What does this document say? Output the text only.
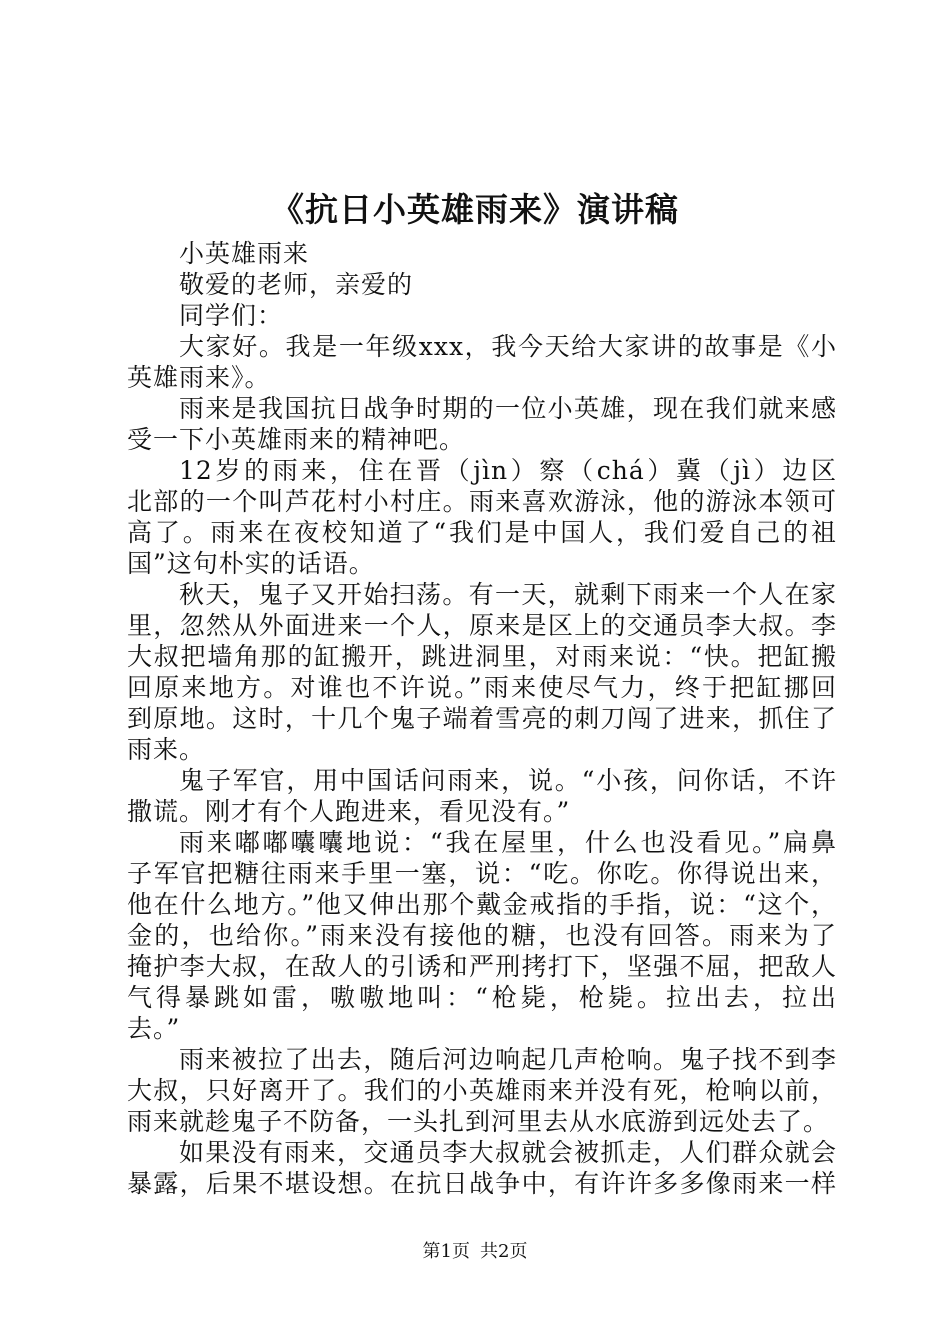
《抗日小英雄雨来》演讲稿

小英雄雨来

敬爱的老师，亲爱的

同学们：

大家好。我是一年级xxx，我今天给大家讲的故事是《小

英雄雨来》。

雨来是我国抗日战争时期的一位小英雄，现在我们就来感

受一下小英雄雨来的精神吧。

12岁的雨来，住在晋（jìn）察（chá）冀（jì）边区

北部的一个叫芦花村小村庄。雨来喜欢游泳，他的游泳本领可

高了。雨来在夜校知道了“我们是中国人，我们爱自己的祖

国”这句朴实的话语。

秋天，鬼子又开始扫荡。有一天，就剩下雨来一个人在家

里，忽然从外面进来一个人，原来是区上的交通员李大叔。李

大叔把墙角那的缸搬开，跳进洞里，对雨来说：“快。把缸搬

回原来地方。对谁也不许说。”雨来使尽气力，终于把缸挪回

到原地。这时，十几个鬼子端着雪亮的刺刀闯了进来，抓住了

雨来。

鬼子军官，用中国话问雨来，说。“小孩，问你话，不许

撒谎。刚才有个人跑进来，看见没有。”

雨来嘟嘟囔囔地说：“我在屋里，什么也没看见。”扁鼻

子军官把糖往雨来手里一塞，说：“吃。你吃。你得说出来，

他在什么地方。”他又伸出那个戴金戒指的手指，说：“这个，

金的，也给你。”雨来没有接他的糖，也没有回答。雨来为了

掩护李大叔，在敌人的引诱和严刑拷打下，坚强不屈，把敌人

气得暴跳如雷，嗷嗷地叫：“枪毙，枪毙。拉出去，拉出

去。”

雨来被拉了出去，随后河边响起几声枪响。鬼子找不到李

大叔，只好离开了。我们的小英雄雨来并没有死，枪响以前，

雨来就趁鬼子不防备，一头扎到河里去从水底游到远处去了。

如果没有雨来，交通员李大叔就会被抓走，人们群众就会

暴露，后果不堪设想。在抗日战争中，有许许多多像雨来一样

第1页 共2页
